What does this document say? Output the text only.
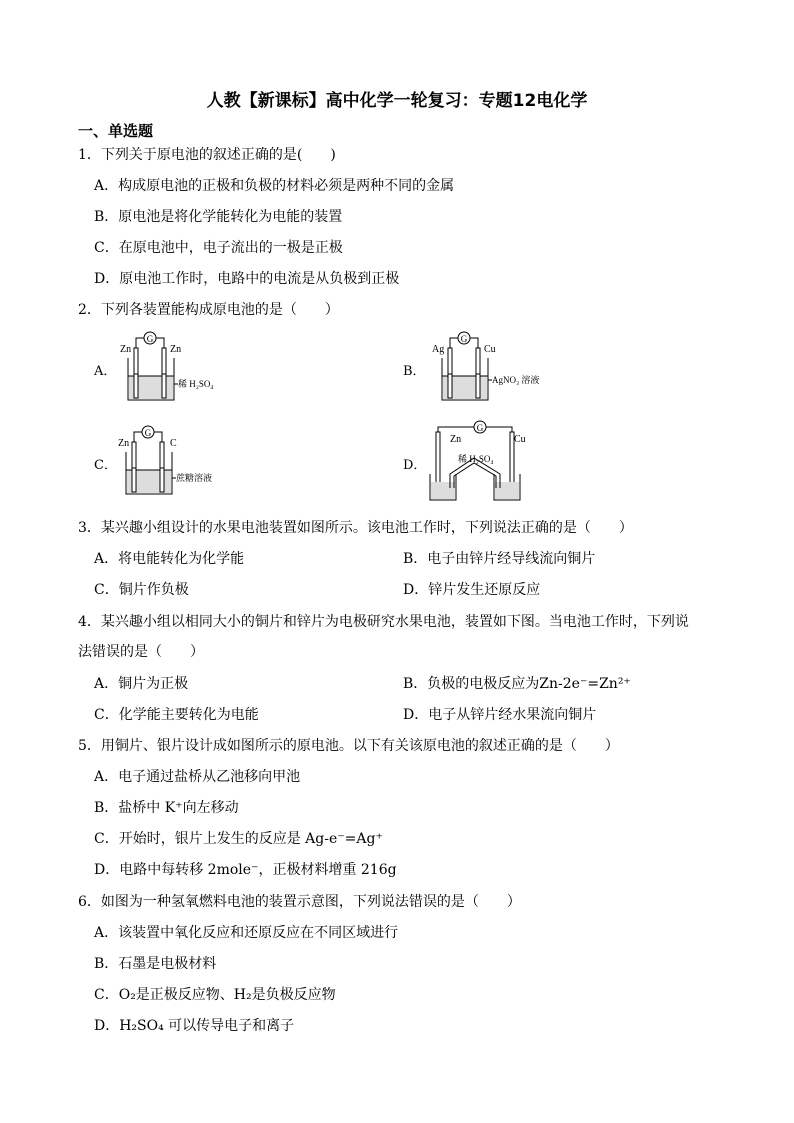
人教【新课标】高中化学一轮复习：专题12电化学
一、单选题
1．下列关于原电池的叙述正确的是(　　)
A．构成原电池的正极和负极的材料必须是两种不同的金属
B．原电池是将化学能转化为电能的装置
C．在原电池中，电子流出的一极是正极
D．原电池工作时，电路中的电流是从负极到正极
2．下列各装置能构成原电池的是（　　）
A．	B．
C．	D．
G
Zn	Zn
稀 H₂SO₄
G
Ag	Cu
AgNO₃ 溶液
G
Zn	C
蔗糖溶液
G
Zn	Cu
稀 H₂SO₄
3．某兴趣小组设计的水果电池装置如图所示。该电池工作时，下列说法正确的是（　　）
A．将电能转化为化学能	B．电子由锌片经导线流向铜片
C．铜片作负极	D．锌片发生还原反应
4．某兴趣小组以相同大小的铜片和锌片为电极研究水果电池，装置如下图。当电池工作时，下列说
法错误的是（　　）
A．铜片为正极	B．负极的电极反应为Zn-2e⁻=Zn²⁺
C．化学能主要转化为电能	D．电子从锌片经水果流向铜片
5．用铜片、银片设计成如图所示的原电池。以下有关该原电池的叙述正确的是（　　）
A．电子通过盐桥从乙池移向甲池
B．盐桥中 K⁺向左移动
C．开始时，银片上发生的反应是 Ag-e⁻=Ag⁺
D．电路中每转移 2mole⁻，正极材料增重 216g
6．如图为一种氢氧燃料电池的装置示意图，下列说法错误的是（　　）
A．该装置中氧化反应和还原反应在不同区域进行
B．石墨是电极材料
C．O₂是正极反应物、H₂是负极反应物
D．H₂SO₄ 可以传导电子和离子
